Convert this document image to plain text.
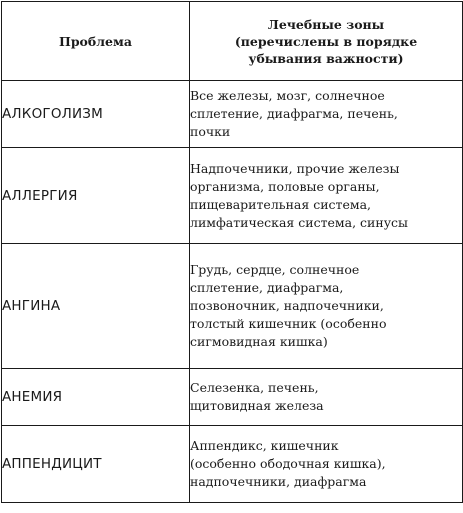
Проблема	Лечебные зоны
(перечислены в порядке
убывания важности)

АЛКОГОЛИЗМ	Все железы, мозг, солнечное
сплетение, диафрагма, печень,
почки

АЛЛЕРГИЯ	Надпочечники, прочие железы
организма, половые органы,
пищеварительная система,
лимфатическая система, синусы

АНГИНА	Грудь, сердце, солнечное
сплетение, диафрагма,
позвоночник, надпочечники,
толстый кишечник (особенно
сигмовидная кишка)

АНЕМИЯ	Селезенка, печень,
щитовидная железа

АППЕНДИЦИТ	Аппендикс, кишечник
(особенно ободочная кишка),
надпочечники, диафрагма
